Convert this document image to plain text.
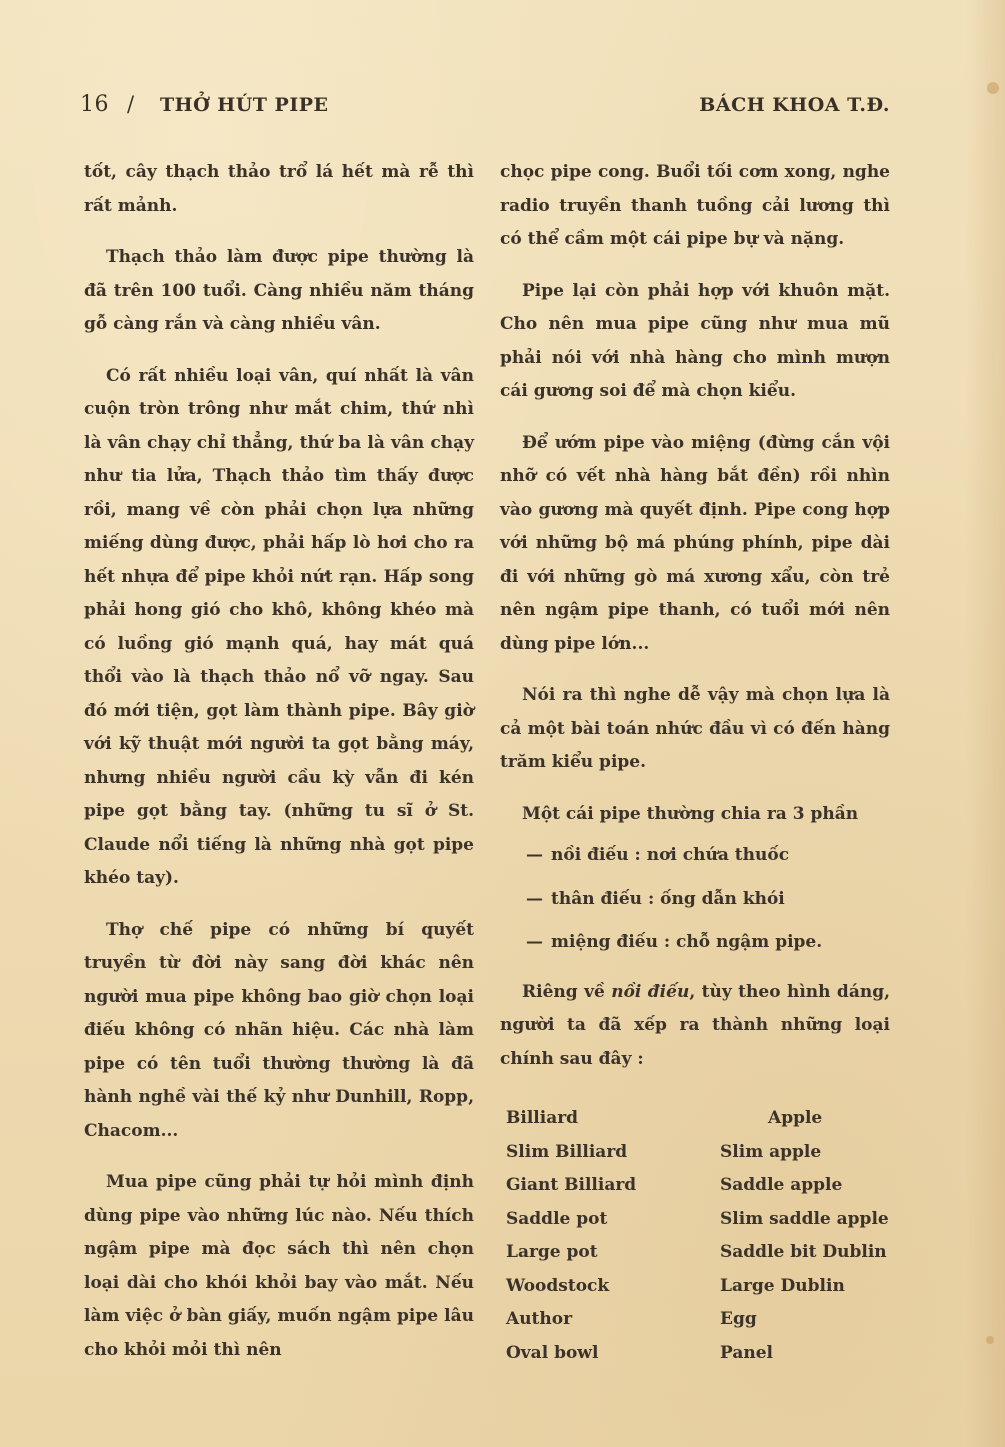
16 / THỞ HÚT PIPE	BÁCH KHOA T.Đ.

tốt, cây thạch thảo trổ lá hết mà rễ thì rất mảnh.

Thạch thảo làm được pipe thường là đã trên 100 tuổi. Càng nhiều năm tháng gỗ càng rắn và càng nhiều vân.

Có rất nhiều loại vân, quí nhất là vân cuộn tròn trông như mắt chim, thứ nhì là vân chạy chỉ thẳng, thứ ba là vân chạy như tia lửa, Thạch thảo tìm thấy được rồi, mang về còn phải chọn lựa những miếng dùng được, phải hấp lò hơi cho ra hết nhựa để pipe khỏi nứt rạn. Hấp song phải hong gió cho khô, không khéo mà có luồng gió mạnh quá, hay mát quá thổi vào là thạch thảo nổ vỡ ngay. Sau đó mới tiện, gọt làm thành pipe. Bây giờ với kỹ thuật mới người ta gọt bằng máy, nhưng nhiều người cầu kỳ vẫn đi kén pipe gọt bằng tay. (những tu sĩ ở St. Claude nổi tiếng là những nhà gọt pipe khéo tay).

Thợ chế pipe có những bí quyết truyền từ đời này sang đời khác nên người mua pipe không bao giờ chọn loại điếu không có nhãn hiệu. Các nhà làm pipe có tên tuổi thường thường là đã hành nghề vài thế kỷ như Dunhill, Ropp, Chacom...

Mua pipe cũng phải tự hỏi mình định dùng pipe vào những lúc nào. Nếu thích ngậm pipe mà đọc sách thì nên chọn loại dài cho khói khỏi bay vào mắt. Nếu làm việc ở bàn giấy, muốn ngậm pipe lâu cho khỏi mỏi thì nên

chọc pipe cong. Buổi tối cơm xong, nghe radio truyền thanh tuồng cải lương thì có thể cầm một cái pipe bự và nặng.

Pipe lại còn phải hợp với khuôn mặt. Cho nên mua pipe cũng như mua mũ phải nói với nhà hàng cho mình mượn cái gương soi để mà chọn kiểu.

Để ướm pipe vào miệng (đừng cắn vội nhỡ có vết nhà hàng bắt đền) rồi nhìn vào gương mà quyết định. Pipe cong hợp với những bộ má phúng phính, pipe dài đi với những gò má xương xẩu, còn trẻ nên ngậm pipe thanh, có tuổi mới nên dùng pipe lớn...

Nói ra thì nghe dễ vậy mà chọn lựa là cả một bài toán nhức đầu vì có đến hàng trăm kiểu pipe.

Một cái pipe thường chia ra 3 phần

— nồi điếu : nơi chứa thuốc
— thân điếu : ống dẫn khói
— miệng điếu : chỗ ngậm pipe.

Riêng về nồi điếu, tùy theo hình dáng, người ta đã xếp ra thành những loại chính sau đây :

Billiard	Apple
Slim Billiard	Slim apple
Giant Billiard	Saddle apple
Saddle pot	Slim saddle apple
Large pot	Saddle bit Dublin
Woodstock	Large Dublin
Author	Egg
Oval bowl	Panel
